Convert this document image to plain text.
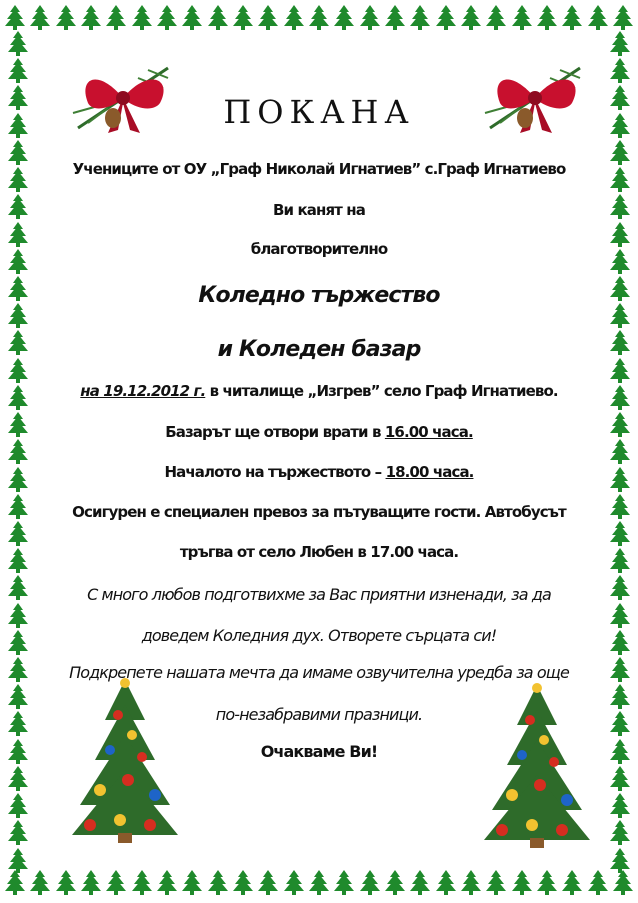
ПОКАНА
Учениците от ОУ „Граф Николай Игнатиев” с.Граф Игнатиево
Ви канят на
благотворително
Коледно тържество
и Коледен базар
на 19.12.2012 г. в читалище „Изгрев” село Граф Игнатиево.
Базарът ще отвори врати в 16.00 часа.
Началото на тържеството – 18.00 часа.
Осигурен е специален превоз за пътуващите гости. Автобусът
тръгва от село Любен в 17.00 часа.
С много любов подготвихме за Вас приятни изненади, за да
доведем Коледния дух. Отворете сърцата си!
Подкрепете нашата мечта да имаме озвучителна уредба за още
по-незабравими празници.
Очакваме Ви!
